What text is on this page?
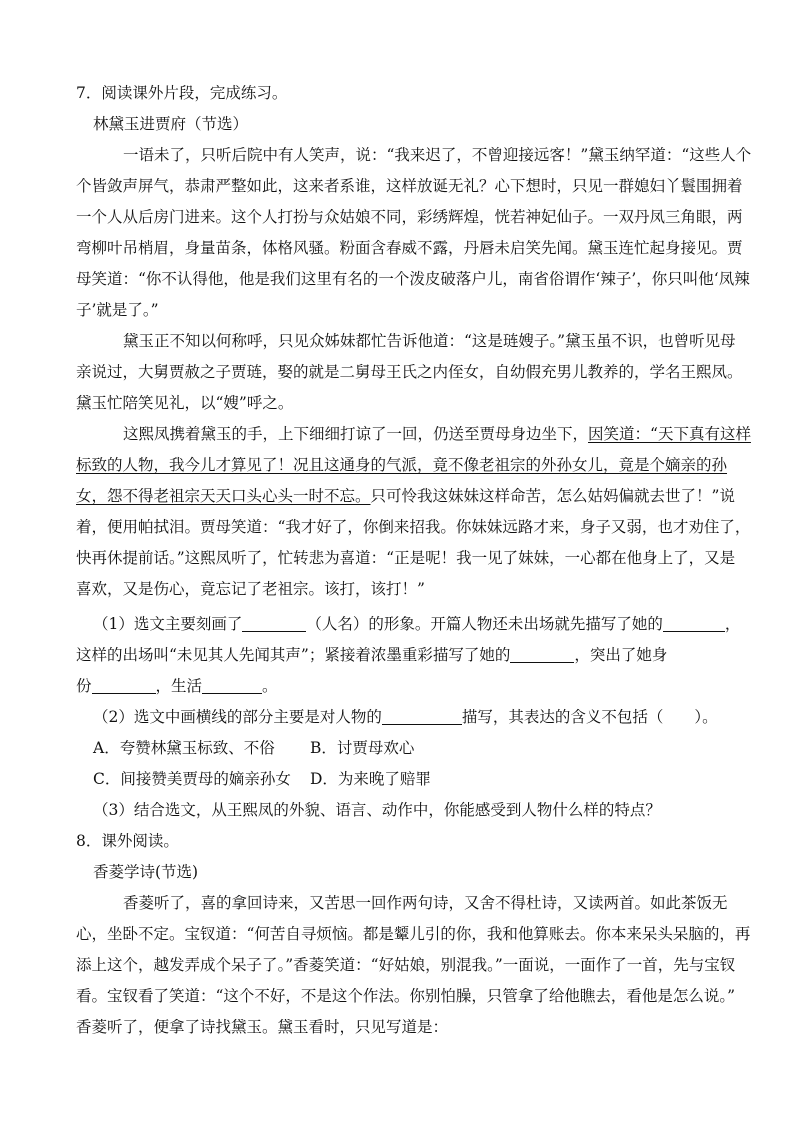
7．阅读课外片段，完成练习。
林黛玉进贾府（节选）
一语未了，只听后院中有人笑声，说：“我来迟了，不曾迎接远客！”黛玉纳罕道：“这些人个
个皆敛声屏气，恭肃严整如此，这来者系谁，这样放诞无礼？心下想时，只见一群媳妇丫鬟围拥着
一个人从后房门进来。这个人打扮与众姑娘不同，彩绣辉煌，恍若神妃仙子。一双丹凤三角眼，两
弯柳叶吊梢眉，身量苗条，体格风骚。粉面含春威不露，丹唇未启笑先闻。黛玉连忙起身接见。贾
母笑道：“你不认得他，他是我们这里有名的一个泼皮破落户儿，南省俗谓作‘辣子’，你只叫他‘凤辣
子’就是了。”
黛玉正不知以何称呼，只见众姊妹都忙告诉他道：“这是琏嫂子。”黛玉虽不识，也曾听见母
亲说过，大舅贾赦之子贾琏，娶的就是二舅母王氏之内侄女，自幼假充男儿教养的，学名王熙凤。
黛玉忙陪笑见礼，以“嫂”呼之。
这熙凤携着黛玉的手，上下细细打谅了一回，仍送至贾母身边坐下，因笑道：“天下真有这样
标致的人物，我今儿才算见了！况且这通身的气派，竟不像老祖宗的外孙女儿，竟是个嫡亲的孙
女，怨不得老祖宗天天口头心头一时不忘。只可怜我这妹妹这样命苦，怎么姑妈偏就去世了！”说
着，便用帕拭泪。贾母笑道：“我才好了，你倒来招我。你妹妹远路才来，身子又弱，也才劝住了，
快再休提前话。”这熙凤听了，忙转悲为喜道：“正是呢！我一见了妹妹，一心都在他身上了，又是
喜欢，又是伤心，竟忘记了老祖宗。该打，该打！”
（1）选文主要刻画了	（人名）的形象。开篇人物还未出场就先描写了她的	，
这样的出场叫“未见其人先闻其声”；紧接着浓墨重彩描写了她的	，突出了她身
份	，生活	。
（2）选文中画横线的部分主要是对人物的	描写，其表达的含义不包括（　　）。
A．夸赞林黛玉标致、不俗	B．讨贾母欢心
C．间接赞美贾母的嫡亲孙女	D．为来晚了赔罪
（3）结合选文，从王熙凤的外貌、语言、动作中，你能感受到人物什么样的特点？
8．课外阅读。
香菱学诗(节选)
香菱听了，喜的拿回诗来，又苦思一回作两句诗，又舍不得杜诗，又读两首。如此茶饭无
心，坐卧不定。宝钗道：“何苦自寻烦恼。都是颦儿引的你，我和他算账去。你本来呆头呆脑的，再
添上这个，越发弄成个呆子了。”香菱笑道：“好姑娘，别混我。”一面说，一面作了一首，先与宝钗
看。宝钗看了笑道：“这个不好，不是这个作法。你别怕臊，只管拿了给他瞧去，看他是怎么说。”
香菱听了，便拿了诗找黛玉。黛玉看时，只见写道是：
